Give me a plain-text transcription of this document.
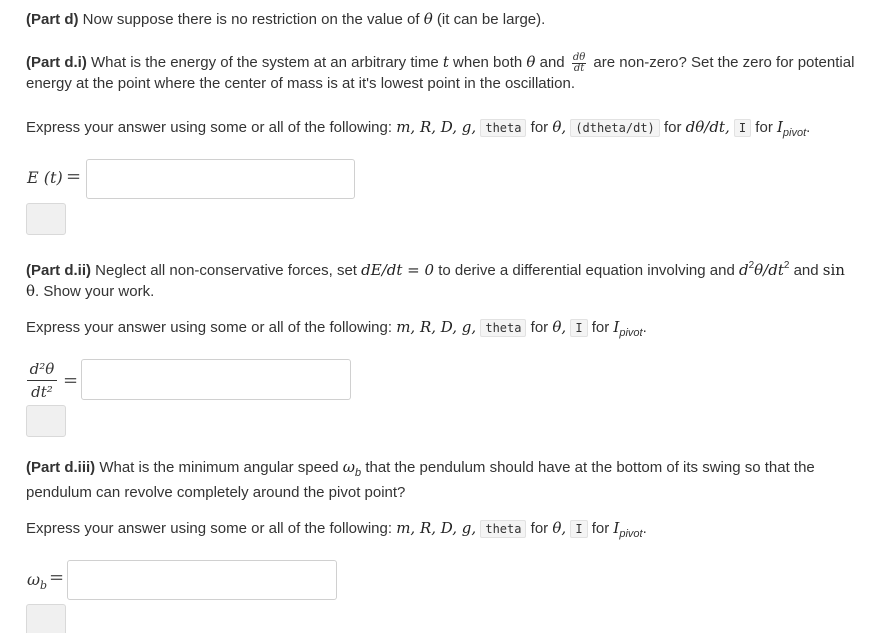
(Part d) Now suppose there is no restriction on the value of θ (it can be large).

(Part d.i) What is the energy of the system at an arbitrary time t when both θ and $\frac{d\theta}{dt}$ are non-zero? Set the zero for potential energy at the point where the center of mass is at it's lowest point in the oscillation.

Express your answer using some or all of the following: m, R, D, g, theta for θ, (dtheta/dt) for dθ/dt, I for $I_{pivot}$.

E (t) =

(Part d.ii) Neglect all non-conservative forces, set dE/dt = 0 to derive a differential equation involving and $d^2\theta/dt^2$ and sin θ. Show your work.

Express your answer using some or all of the following: m, R, D, g, theta for θ, I for $I_{pivot}$.

$\frac{\text{d²θ}}{\text{dt²}}$ =

(Part d.iii) What is the minimum angular speed $\omega_b$ that the pendulum should have at the bottom of its swing so that the pendulum can revolve completely around the pivot point?

Express your answer using some or all of the following: m, R, D, g, theta for θ, I for $I_{pivot}$.

$\omega_b$ =
